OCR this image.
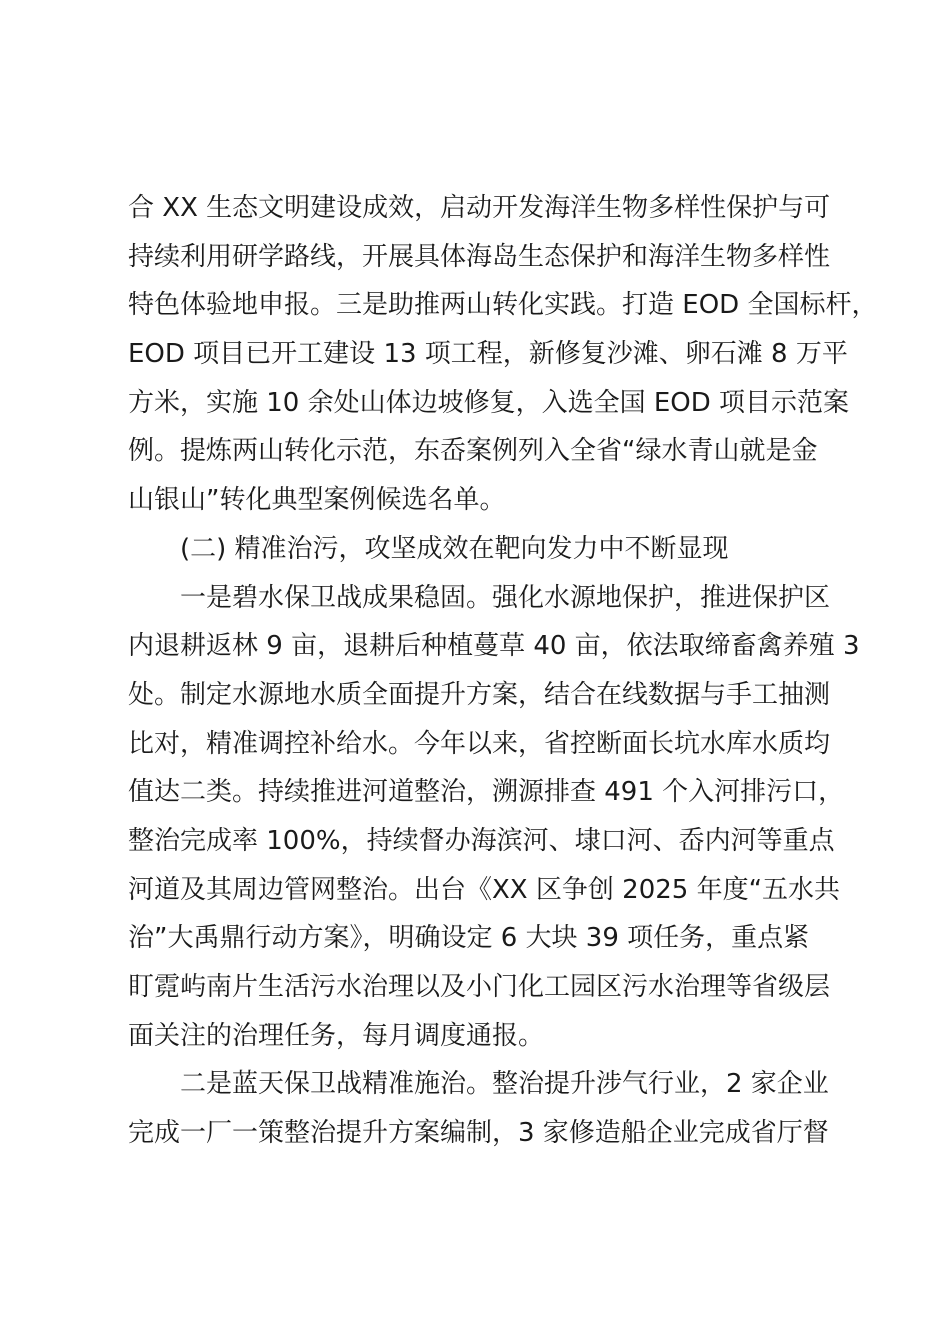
合 XX 生态文明建设成效，启动开发海洋生物多样性保护与可
持续利用研学路线，开展具体海岛生态保护和海洋生物多样性
特色体验地申报。三是助推两山转化实践。打造 EOD 全国标杆，
EOD 项目已开工建设 13 项工程，新修复沙滩、卵石滩 8 万平
方米，实施 10 余处山体边坡修复，入选全国 EOD 项目示范案
例。提炼两山转化示范，东岙案例列入全省“绿水青山就是金
山银山”转化典型案例候选名单。
(二) 精准治污，攻坚成效在靶向发力中不断显现
一是碧水保卫战成果稳固。强化水源地保护，推进保护区
内退耕返林 9 亩，退耕后种植蔓草 40 亩，依法取缔畜禽养殖 3
处。制定水源地水质全面提升方案，结合在线数据与手工抽测
比对，精准调控补给水。今年以来，省控断面长坑水库水质均
值达二类。持续推进河道整治，溯源排查 491 个入河排污口，
整治完成率 100%，持续督办海滨河、埭口河、岙内河等重点
河道及其周边管网整治。出台《XX 区争创 2025 年度“五水共
治”大禹鼎行动方案》，明确设定 6 大块 39 项任务，重点紧
盯霓屿南片生活污水治理以及小门化工园区污水治理等省级层
面关注的治理任务，每月调度通报。
二是蓝天保卫战精准施治。整治提升涉气行业，2 家企业
完成一厂一策整治提升方案编制，3 家修造船企业完成省厅督
